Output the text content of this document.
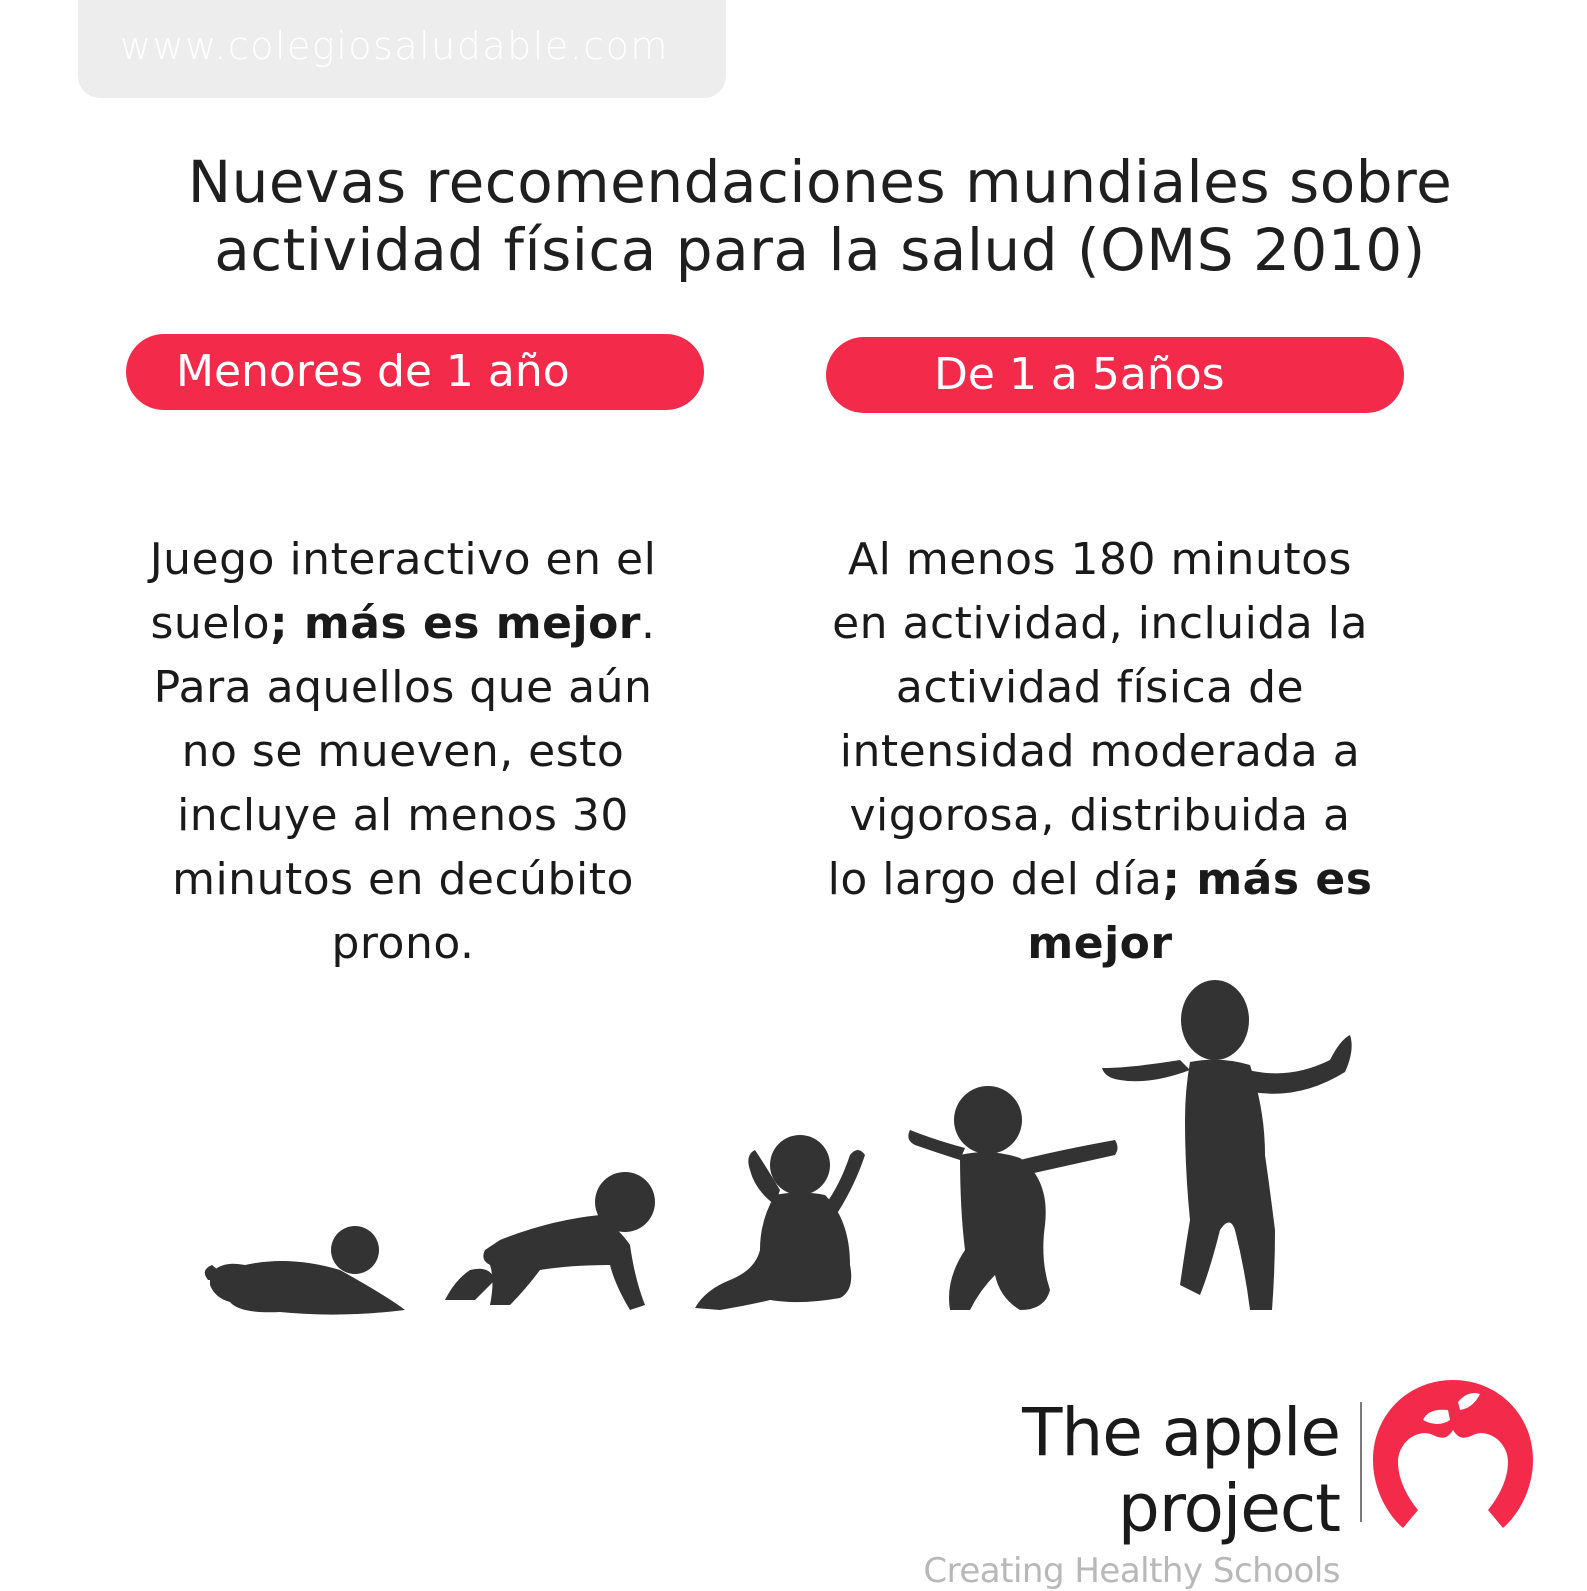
www.colegiosaludable.com
Nuevas recomendaciones mundiales sobre
actividad física para la salud (OMS 2010)
Menores de 1 año	De 1 a 5años
Juego interactivo en el
suelo; más es mejor.
Para aquellos que aún
no se mueven, esto
incluye al menos 30
minutos en decúbito
prono.
Al menos 180 minutos
en actividad, incluida la
actividad física de
intensidad moderada a
vigorosa, distribuida a
lo largo del día; más es
mejor
The apple project
Creating Healthy Schools
